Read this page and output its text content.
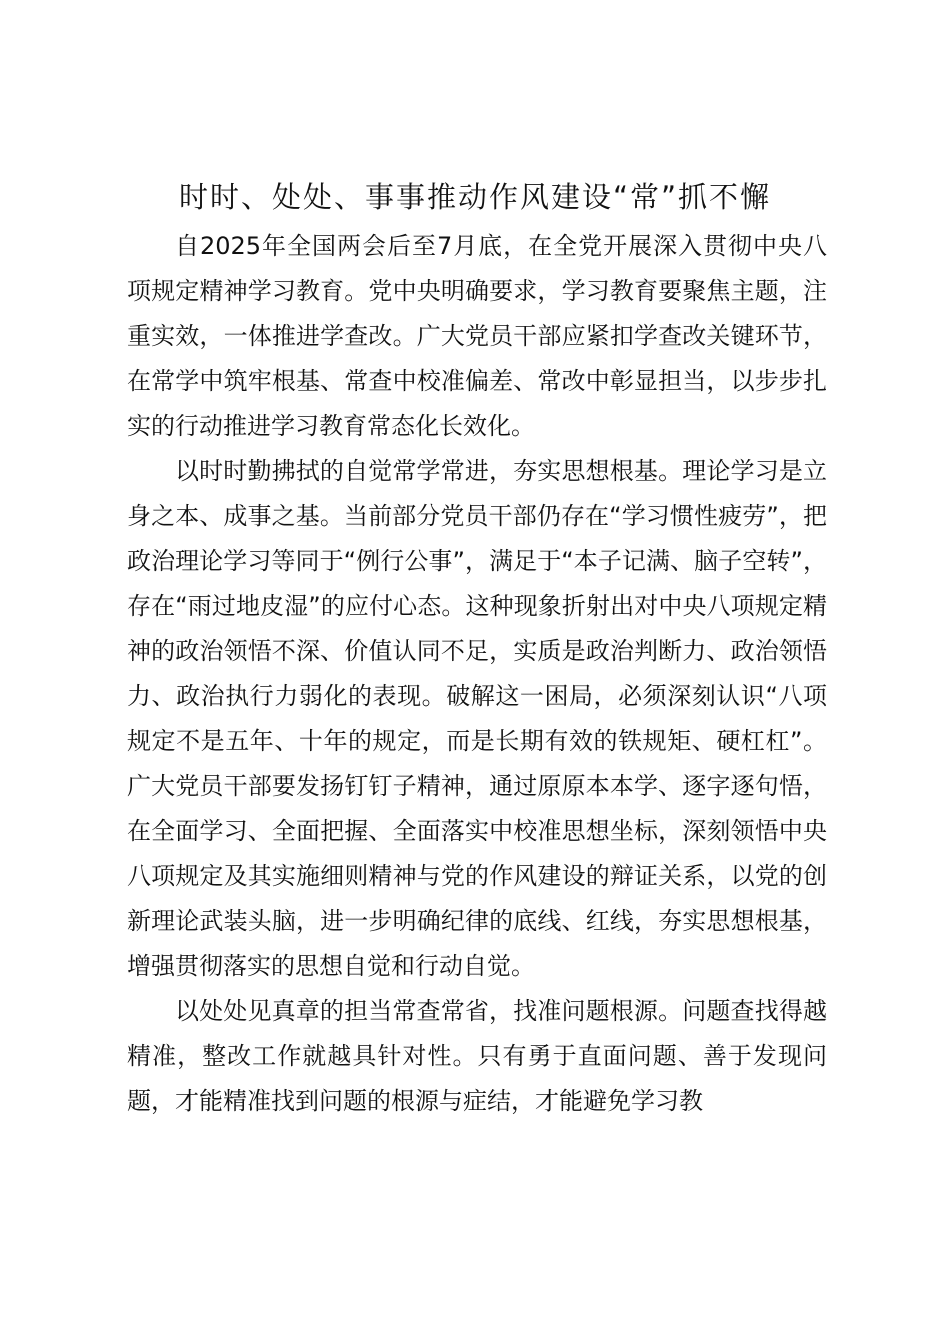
时时、处处、事事推动作风建设“常”抓不懈

自2025年全国两会后至7月底，在全党开展深入贯彻中央八项规定精神学习教育。党中央明确要求，学习教育要聚焦主题，注重实效，一体推进学查改。广大党员干部应紧扣学查改关键环节，在常学中筑牢根基、常查中校准偏差、常改中彰显担当，以步步扎实的行动推进学习教育常态化长效化。

以时时勤拂拭的自觉常学常进，夯实思想根基。理论学习是立身之本、成事之基。当前部分党员干部仍存在“学习惯性疲劳”，把政治理论学习等同于“例行公事”，满足于“本子记满、脑子空转”，存在“雨过地皮湿”的应付心态。这种现象折射出对中央八项规定精神的政治领悟不深、价值认同不足，实质是政治判断力、政治领悟力、政治执行力弱化的表现。破解这一困局，必须深刻认识“八项规定不是五年、十年的规定，而是长期有效的铁规矩、硬杠杠”。广大党员干部要发扬钉钉子精神，通过原原本本学、逐字逐句悟，在全面学习、全面把握、全面落实中校准思想坐标，深刻领悟中央八项规定及其实施细则精神与党的作风建设的辩证关系，以党的创新理论武装头脑，进一步明确纪律的底线、红线，夯实思想根基，增强贯彻落实的思想自觉和行动自觉。

以处处见真章的担当常查常省，找准问题根源。问题查找得越精准，整改工作就越具针对性。只有勇于直面问题、善于发现问题，才能精准找到问题的根源与症结，才能避免学习教
